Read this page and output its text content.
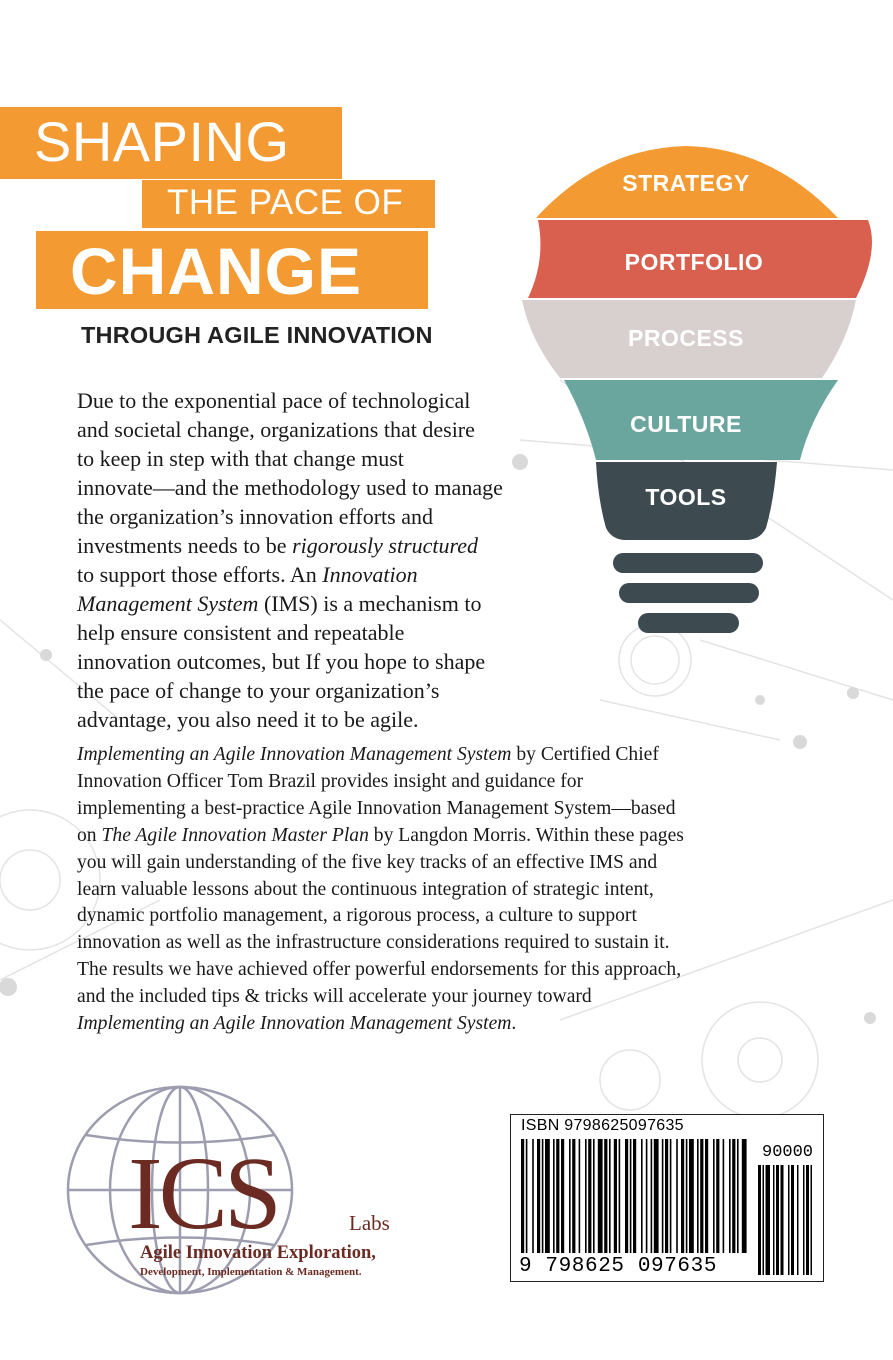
SHAPING
THE PACE OF
CHANGE
THROUGH AGILE INNOVATION
STRATEGY
PORTFOLIO
PROCESS
CULTURE
TOOLS
Due to the exponential pace of technological
and societal change, organizations that desire
to keep in step with that change must
innovate—and the methodology used to manage
the organization’s innovation efforts and
investments needs to be rigorously structured
to support those efforts. An Innovation
Management System (IMS) is a mechanism to
help ensure consistent and repeatable
innovation outcomes, but If you hope to shape
the pace of change to your organization’s
advantage, you also need it to be agile.
Implementing an Agile Innovation Management System by Certified Chief
Innovation Officer Tom Brazil provides insight and guidance for
implementing a best-practice Agile Innovation Management System—based
on The Agile Innovation Master Plan by Langdon Morris. Within these pages
you will gain understanding of the five key tracks of an effective IMS and
learn valuable lessons about the continuous integration of strategic intent,
dynamic portfolio management, a rigorous process, a culture to support
innovation as well as the infrastructure considerations required to sustain it.
The results we have achieved offer powerful endorsements for this approach,
and the included tips & tricks will accelerate your journey toward
Implementing an Agile Innovation Management System.
ICS	Labs
Agile Innovation Exploration,
Development, Implementation & Management.
ISBN 9798625097635
90000
9 798625 097635
